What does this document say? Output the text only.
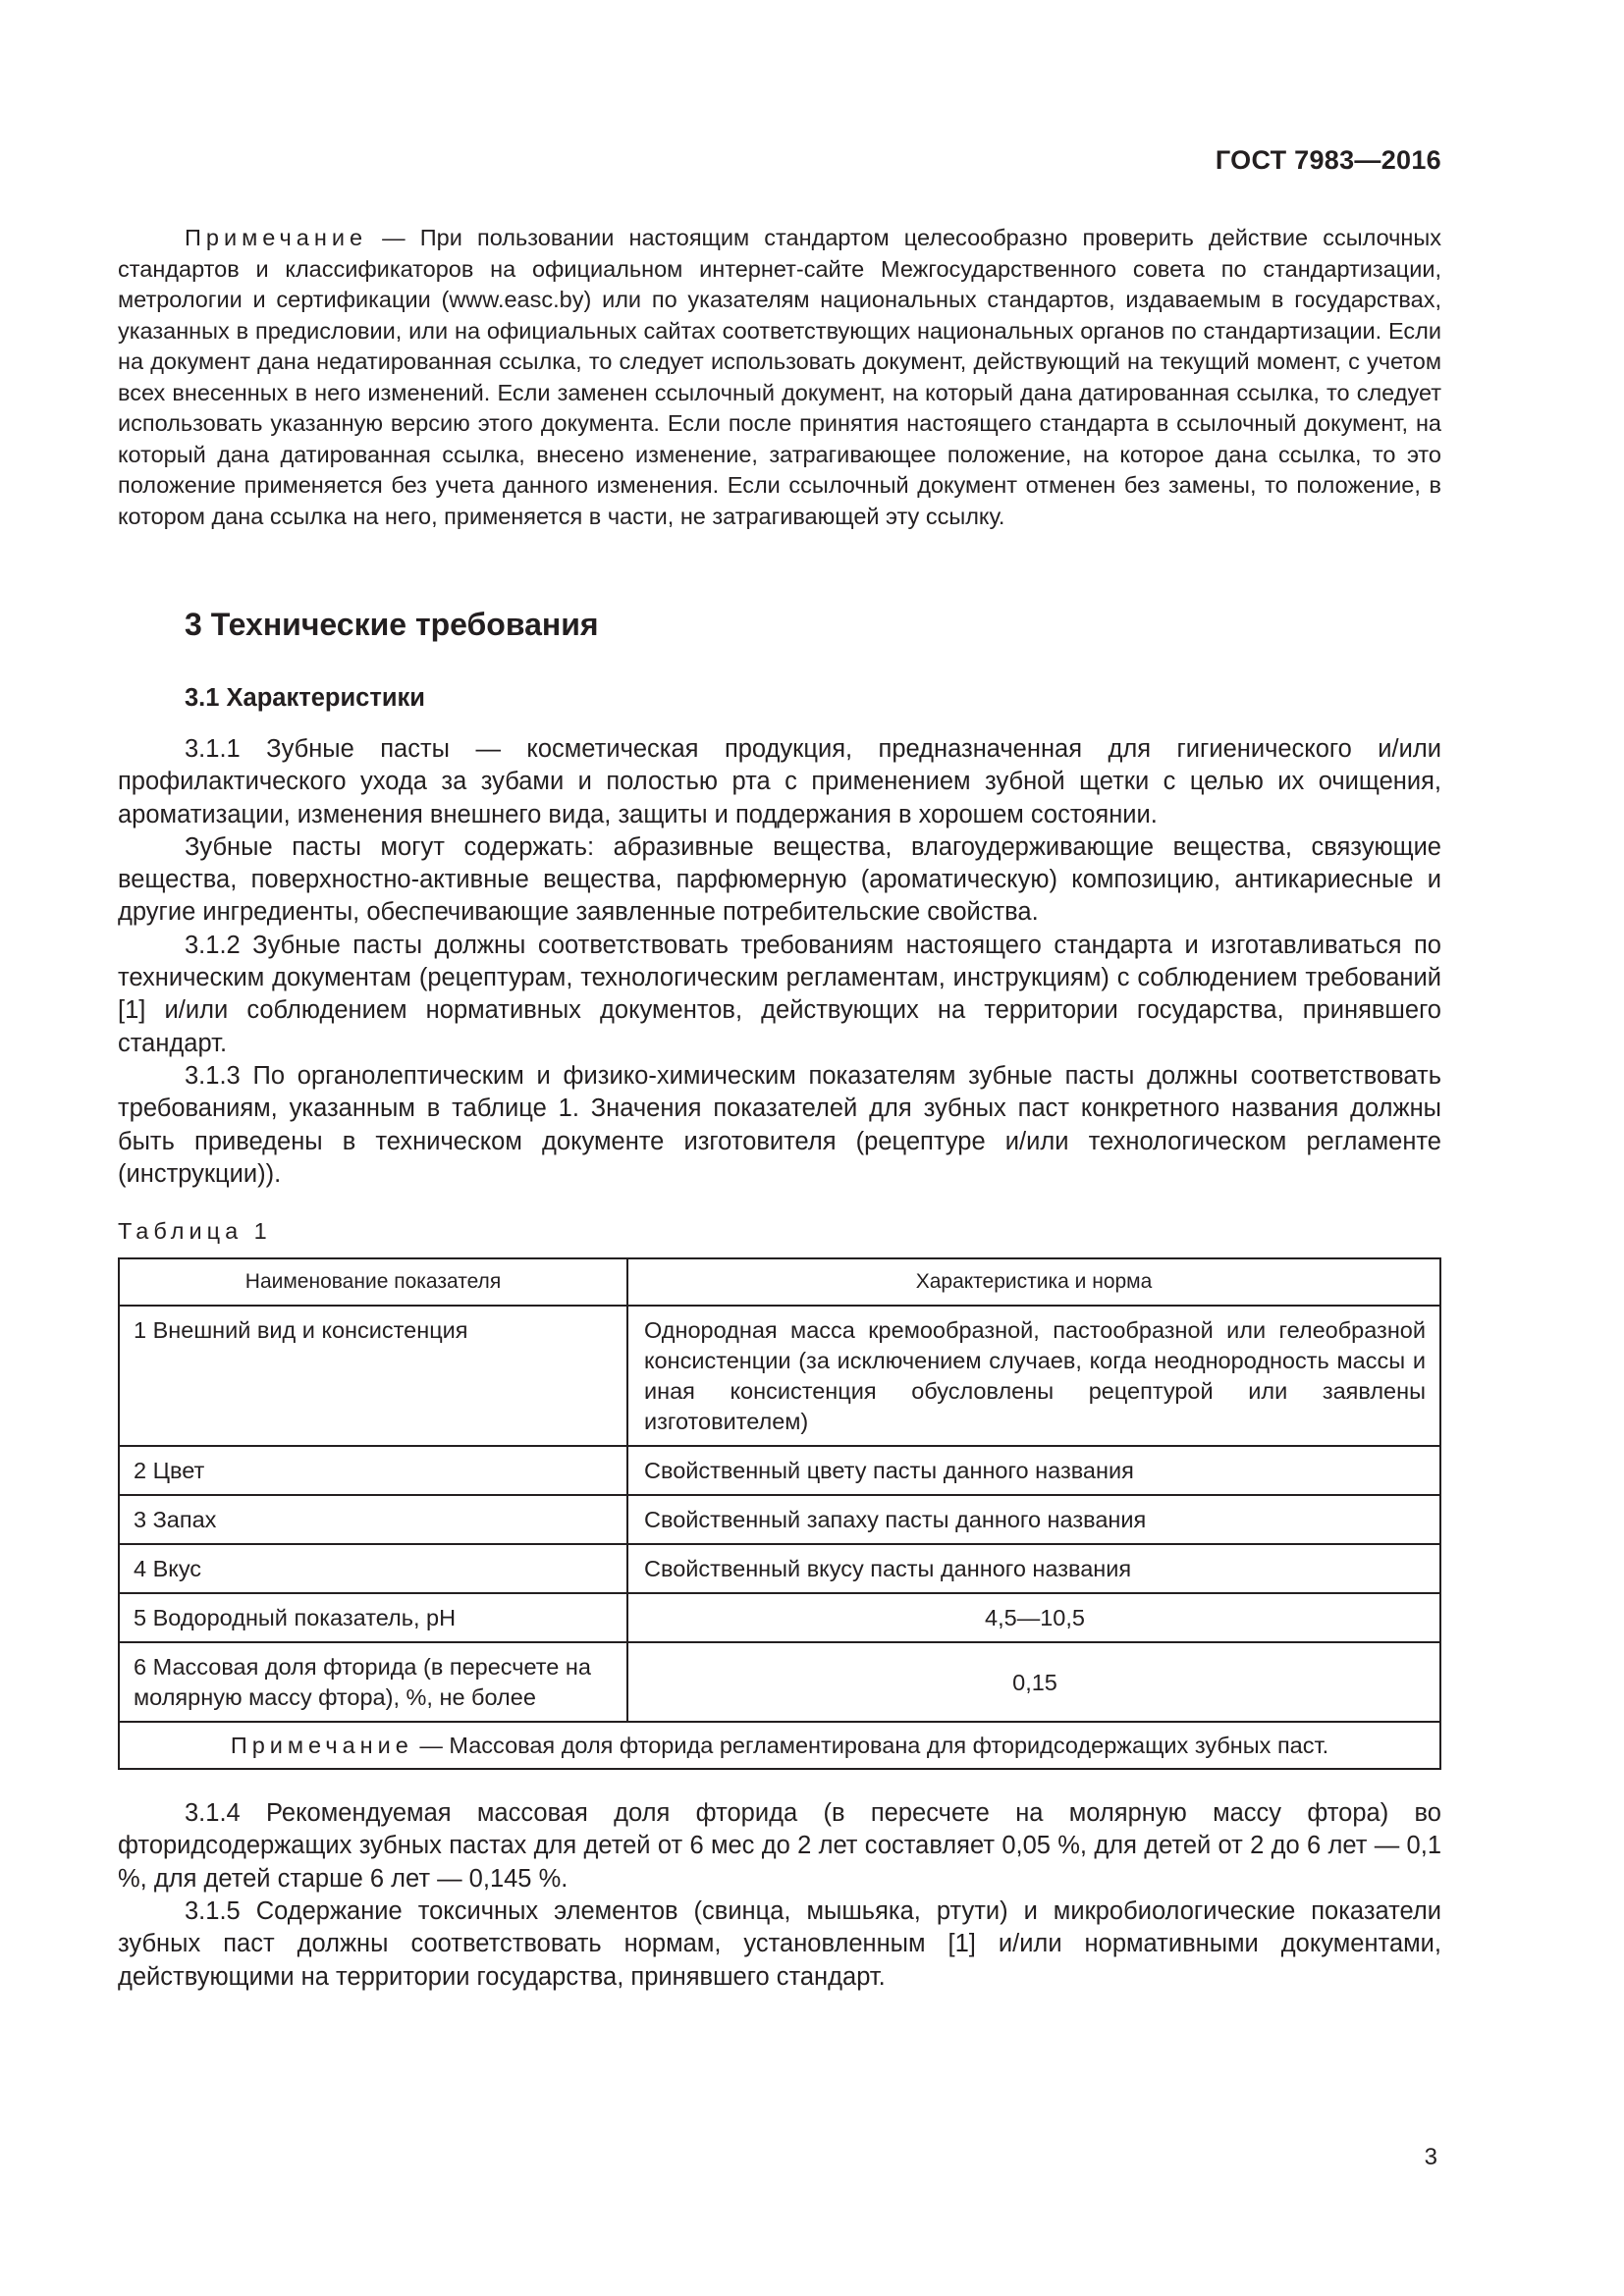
ГОСТ 7983—2016

Примечание — При пользовании настоящим стандартом целесообразно проверить действие ссылочных стандартов и классификаторов на официальном интернет-сайте Межгосударственного совета по стандартизации, метрологии и сертификации (www.easc.by) или по указателям национальных стандартов, издаваемым в государствах, указанных в предисловии, или на официальных сайтах соответствующих национальных органов по стандартизации. Если на документ дана недатированная ссылка, то следует использовать документ, действующий на текущий момент, с учетом всех внесенных в него изменений. Если заменен ссылочный документ, на который дана датированная ссылка, то следует использовать указанную версию этого документа. Если после принятия настоящего стандарта в ссылочный документ, на который дана датированная ссылка, внесено изменение, затрагивающее положение, на которое дана ссылка, то это положение применяется без учета данного изменения. Если ссылочный документ отменен без замены, то положение, в котором дана ссылка на него, применяется в части, не затрагивающей эту ссылку.

3 Технические требования
3.1 Характеристики

3.1.1 Зубные пасты — косметическая продукция, предназначенная для гигиенического и/или профилактического ухода за зубами и полостью рта с применением зубной щетки с целью их очищения, ароматизации, изменения внешнего вида, защиты и поддержания в хорошем состоянии.

Зубные пасты могут содержать: абразивные вещества, влагоудерживающие вещества, связующие вещества, поверхностно-активные вещества, парфюмерную (ароматическую) композицию, антикариесные и другие ингредиенты, обеспечивающие заявленные потребительские свойства.

3.1.2 Зубные пасты должны соответствовать требованиям настоящего стандарта и изготавливаться по техническим документам (рецептурам, технологическим регламентам, инструкциям) с соблюдением требований [1] и/или соблюдением нормативных документов, действующих на территории государства, принявшего стандарт.

3.1.3 По органолептическим и физико-химическим показателям зубные пасты должны соответствовать требованиям, указанным в таблице 1. Значения показателей для зубных паст конкретного названия должны быть приведены в техническом документе изготовителя (рецептуре и/или технологическом регламенте (инструкции)).

Таблица 1

Наименование показателя	Характеристика и норма
1 Внешний вид и консистенция	Однородная масса кремообразной, пастообразной или гелеобразной консистенции (за исключением случаев, когда неоднородность массы и иная консистенция обусловлены рецептурой или заявлены изготовителем)
2 Цвет	Свойственный цвету пасты данного названия
3 Запах	Свойственный запаху пасты данного названия
4 Вкус	Свойственный вкусу пасты данного названия
5 Водородный показатель, pH	4,5—10,5
6 Массовая доля фторида (в пересчете на молярную массу фтора), %, не более	0,15
Примечание — Массовая доля фторида регламентирована для фторидсодержащих зубных паст.	

3.1.4 Рекомендуемая массовая доля фторида (в пересчете на молярную массу фтора) во фторидсодержащих зубных пастах для детей от 6 мес до 2 лет составляет 0,05 %, для детей от 2 до 6 лет — 0,1 %, для детей старше 6 лет — 0,145 %.

3.1.5 Содержание токсичных элементов (свинца, мышьяка, ртути) и микробиологические показатели зубных паст должны соответствовать нормам, установленным [1] и/или нормативными документами, действующими на территории государства, принявшего стандарт.

3
